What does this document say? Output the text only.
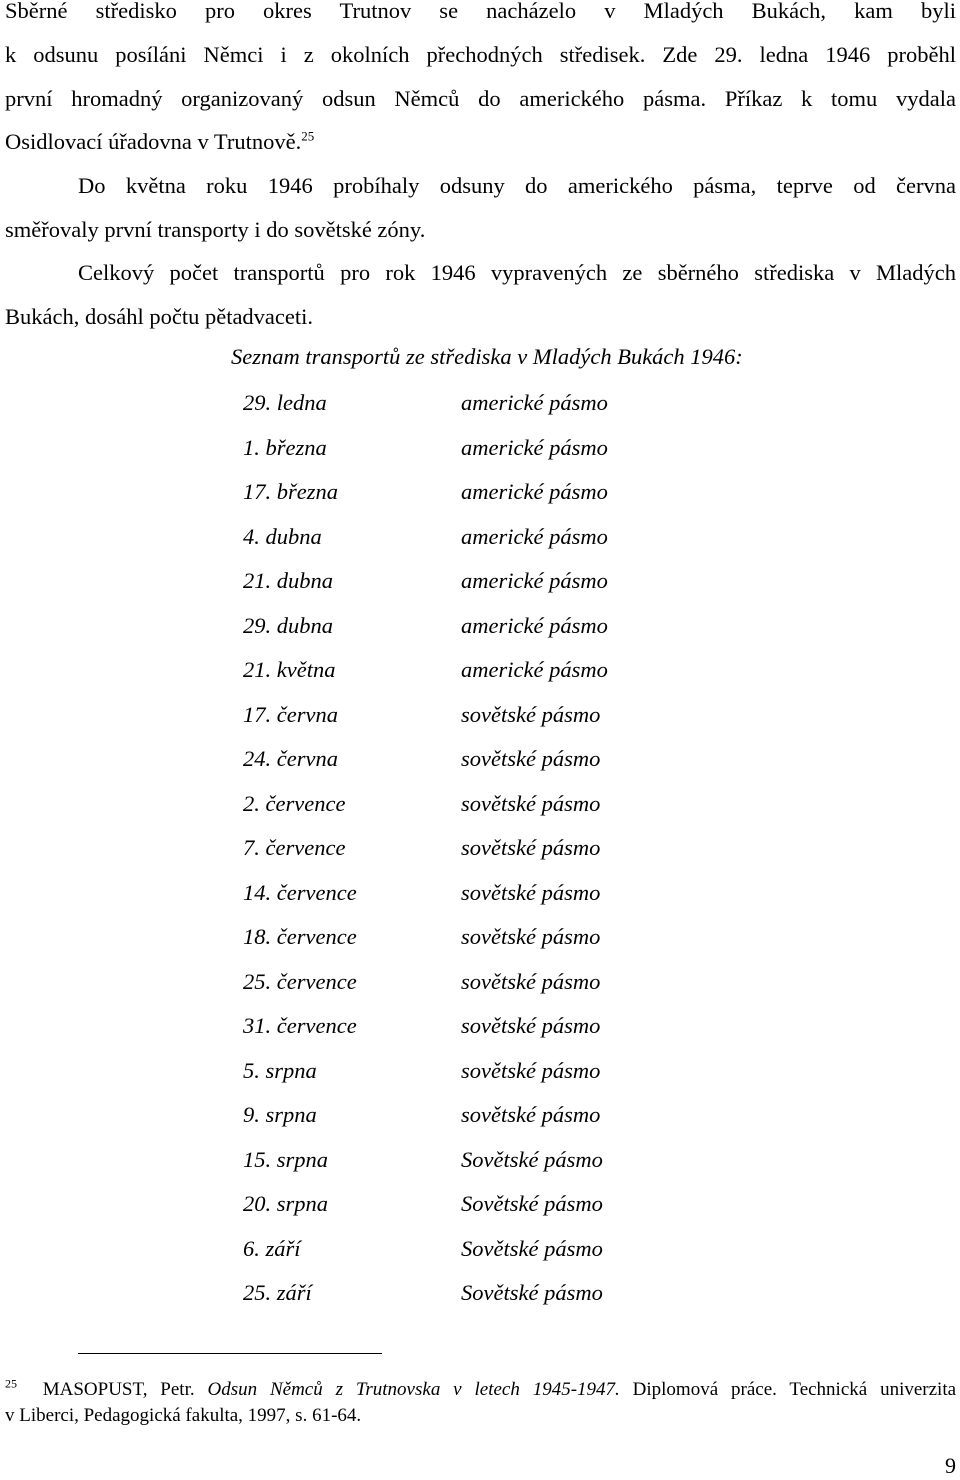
Sběrné středisko pro okres Trutnov se nacházelo v Mladých Bukách, kam byli
k odsunu posíláni Němci i z okolních přechodných středisek. Zde 29. ledna 1946 proběhl
první hromadný organizovaný odsun Němců do amerického pásma. Příkaz k tomu vydala
Osidlovací úřadovna v Trutnově.$^{25}$
Do května roku 1946 probíhaly odsuny do amerického pásma, teprve od června
směřovaly první transporty i do sovětské zóny.
Celkový počet transportů pro rok 1946 vypravených ze sběrného střediska v Mladých
Bukách, dosáhl počtu pětadvaceti.
Seznam transportů ze střediska v Mladých Bukách 1946:
29. ledna	americké pásmo
1. března	americké pásmo
17. března	americké pásmo
4. dubna	americké pásmo
21. dubna	americké pásmo
29. dubna	americké pásmo
21. května	americké pásmo
17. června	sovětské pásmo
24. června	sovětské pásmo
2. července	sovětské pásmo
7. července	sovětské pásmo
14. července	sovětské pásmo
18. července	sovětské pásmo
25. července	sovětské pásmo
31. července	sovětské pásmo
5. srpna	sovětské pásmo
9. srpna	sovětské pásmo
15. srpna	Sovětské pásmo
20. srpna	Sovětské pásmo
6. září	Sovětské pásmo
25. září	Sovětské pásmo
$^{25}$ MASOPUST, Petr. Odsun Němců z Trutnovska v letech 1945-1947. Diplomová práce. Technická univerzita
v Liberci, Pedagogická fakulta, 1997, s. 61-64.
9
